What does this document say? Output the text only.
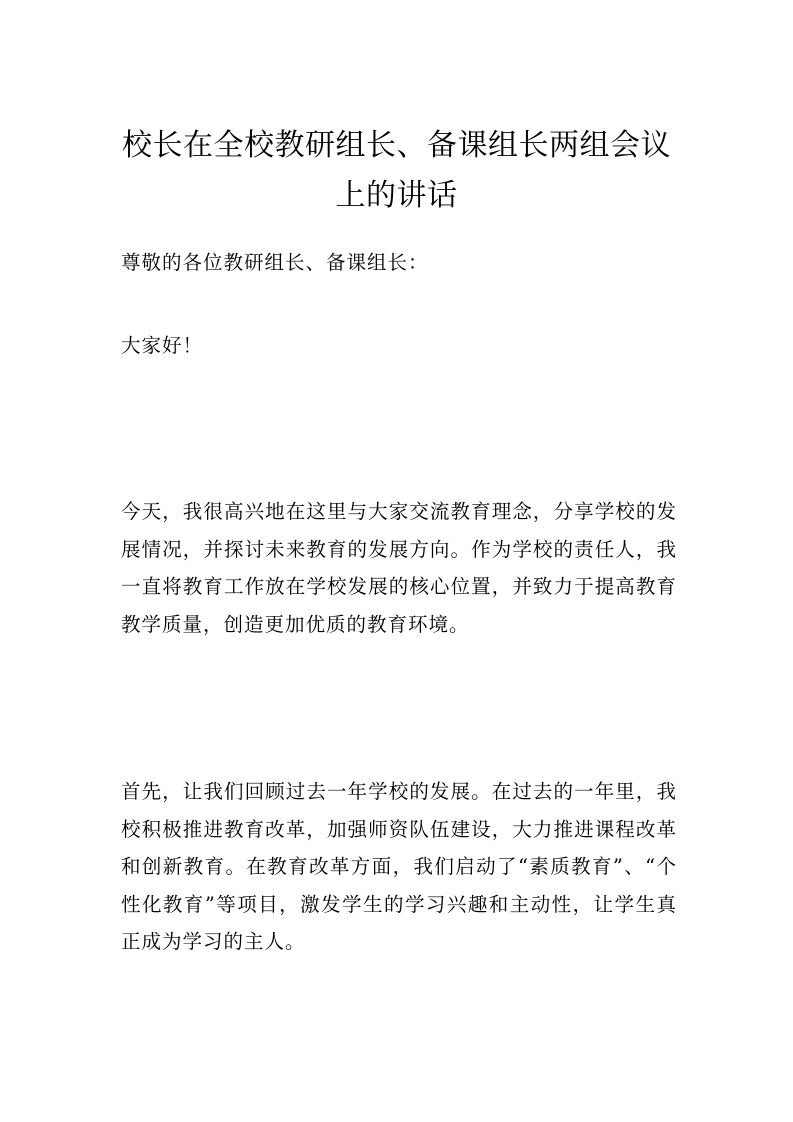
校长在全校教研组长、备课组长两组会议上的讲话

尊敬的各位教研组长、备课组长：

大家好！

今天，我很高兴地在这里与大家交流教育理念，分享学校的发展情况，并探讨未来教育的发展方向。作为学校的责任人，我一直将教育工作放在学校发展的核心位置，并致力于提高教育教学质量，创造更加优质的教育环境。

首先，让我们回顾过去一年学校的发展。在过去的一年里，我校积极推进教育改革，加强师资队伍建设，大力推进课程改革和创新教育。在教育改革方面，我们启动了“素质教育”、“个性化教育”等项目，激发学生的学习兴趣和主动性，让学生真正成为学习的主人。
